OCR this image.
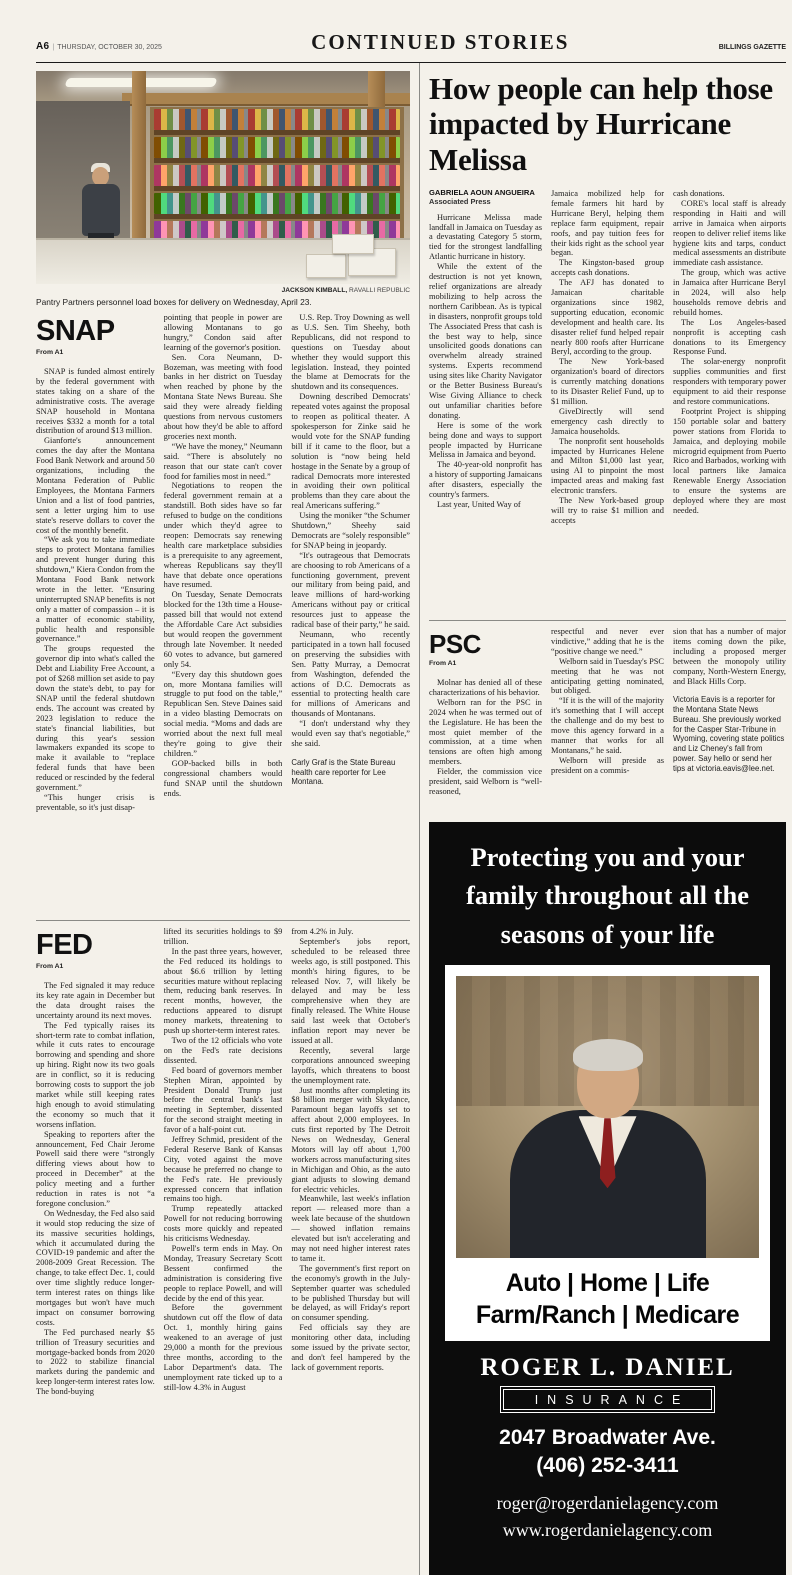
A6 | THURSDAY, OCTOBER 30, 2025	CONTINUED STORIES	BILLINGS GAZETTE
JACKSON KIMBALL, RAVALLI REPUBLIC
Pantry Partners personnel load boxes for delivery on Wednesday, April 23.
SNAP
From A1

SNAP is funded almost entirely by the federal government with states taking on a share of the administrative costs. The average SNAP household in Montana receives $332 a month for a total distribution of around $13 million.

Gianforte's announcement comes the day after the Montana Food Bank Network and around 50 organizations, including the Montana Federation of Public Employees, the Montana Farmers Union and a list of food pantries, sent a letter urging him to use state's reserve dollars to cover the cost of the monthly benefit.

“We ask you to take immediate steps to protect Montana families and prevent hunger during this shutdown,” Kiera Condon from the Montana Food Bank network wrote in the letter. “Ensuring uninterrupted SNAP benefits is not only a matter of compassion – it is a matter of economic stability, public health and responsible governance.”

The groups requested the governor dip into what's called the Debt and Liability Free Account, a pot of $268 million set aside to pay down the state's debt, to pay for SNAP until the federal shutdown ends. The account was created by 2023 legislation to reduce the state's financial liabilities, but during this year's session lawmakers expanded its scope to make it available to “replace federal funds that have been reduced or rescinded by the federal government.”

“This hunger crisis is preventable, so it's just disap-

pointing that people in power are allowing Montanans to go hungry,” Condon said after learning of the governor's position.

Sen. Cora Neumann, D-Bozeman, was meeting with food banks in her district on Tuesday when reached by phone by the Montana State News Bureau. She said they were already fielding questions from nervous customers about how they'd be able to afford groceries next month.

“We have the money,” Neumann said. “There is absolutely no reason that our state can't cover food for families most in need.”

Negotiations to reopen the federal government remain at a standstill. Both sides have so far refused to budge on the conditions under which they'd agree to reopen: Democrats say renewing health care marketplace subsidies is a prerequisite to any agreement, whereas Republicans say they'll have that debate once operations have resumed.

On Tuesday, Senate Democrats blocked for the 13th time a House-passed bill that would not extend the Affordable Care Act subsidies but would reopen the government through late November. It needed 60 votes to advance, but garnered only 54.

“Every day this shutdown goes on, more Montana families will struggle to put food on the table,” Republican Sen. Steve Daines said in a video blasting Democrats on social media. “Moms and dads are worried about the next full meal they're going to give their children.”

GOP-backed bills in both congressional chambers would fund SNAP until the shutdown ends.

U.S. Rep. Troy Downing as well as U.S. Sen. Tim Sheehy, both Republicans, did not respond to questions on Tuesday about whether they would support this legislation. Instead, they pointed the blame at Democrats for the shutdown and its consequences.

Downing described Democrats' repeated votes against the proposal to reopen as political theater. A spokesperson for Zinke said he would vote for the SNAP funding bill if it came to the floor, but a solution is “now being held hostage in the Senate by a group of radical Democrats more interested in avoiding their own political problems than they care about the real Americans suffering.”

Using the moniker “the Schumer Shutdown,” Sheehy said Democrats are “solely responsible” for SNAP being in jeopardy.

“It's outrageous that Democrats are choosing to rob Americans of a functioning government, prevent our military from being paid, and leave millions of hard-working Americans without pay or critical resources just to appease the radical base of their party,” he said.

Neumann, who recently participated in a town hall focused on preserving the subsidies with Sen. Patty Murray, a Democrat from Washington, defended the actions of D.C. Democrats as essential to protecting health care for millions of Americans and thousands of Montanans.

“I don't understand why they would even say that's negotiable,” she said.

Carly Graf is the State Bureau health care reporter for Lee Montana.
FED
From A1

The Fed signaled it may reduce its key rate again in December but the data drought raises the uncertainty around its next moves.

The Fed typically raises its short-term rate to combat inflation, while it cuts rates to encourage borrowing and spending and shore up hiring. Right now its two goals are in conflict, so it is reducing borrowing costs to support the job market while still keeping rates high enough to avoid stimulating the economy so much that it worsens inflation.

Speaking to reporters after the announcement, Fed Chair Jerome Powell said there were “strongly differing views about how to proceed in December” at the policy meeting and a further reduction in rates is not “a foregone conclusion.”

On Wednesday, the Fed also said it would stop reducing the size of its massive securities holdings, which it accumulated during the COVID-19 pandemic and after the 2008-2009 Great Recession. The change, to take effect Dec. 1, could over time slightly reduce longer-term interest rates on things like mortgages but won't have much impact on consumer borrowing costs.

The Fed purchased nearly $5 trillion of Treasury securities and mortgage-backed bonds from 2020 to 2022 to stabilize financial markets during the pandemic and keep longer-term interest rates low. The bond-buying

lifted its securities holdings to $9 trillion.

In the past three years, however, the Fed reduced its holdings to about $6.6 trillion by letting securities mature without replacing them, reducing bank reserves. In recent months, however, the reductions appeared to disrupt money markets, threatening to push up shorter-term interest rates.

Two of the 12 officials who vote on the Fed's rate decisions dissented.

Fed board of governors member Stephen Miran, appointed by President Donald Trump just before the central bank's last meeting in September, dissented for the second straight meeting in favor of a half-point cut.

Jeffrey Schmid, president of the Federal Reserve Bank of Kansas City, voted against the move because he preferred no change to the Fed's rate. He previously expressed concern that inflation remains too high.

Trump repeatedly attacked Powell for not reducing borrowing costs more quickly and repeated his criticisms Wednesday.

Powell's term ends in May. On Monday, Treasury Secretary Scott Bessent confirmed the administration is considering five people to replace Powell, and will decide by the end of this year.

Before the government shutdown cut off the flow of data Oct. 1, monthly hiring gains weakened to an average of just 29,000 a month for the previous three months, according to the Labor Department's data. The unemployment rate ticked up to a still-low 4.3% in August

from 4.2% in July.

September's jobs report, scheduled to be released three weeks ago, is still postponed. This month's hiring figures, to be released Nov. 7, will likely be delayed and may be less comprehensive when they are finally released. The White House said last week that October's inflation report may never be issued at all.

Recently, several large corporations announced sweeping layoffs, which threatens to boost the unemployment rate.

Just months after completing its $8 billion merger with Skydance, Paramount began layoffs set to affect about 2,000 employees. In cuts first reported by The Detroit News on Wednesday, General Motors will lay off about 1,700 workers across manufacturing sites in Michigan and Ohio, as the auto giant adjusts to slowing demand for electric vehicles.

Meanwhile, last week's inflation report — released more than a week late because of the shutdown — showed inflation remains elevated but isn't accelerating and may not need higher interest rates to tame it.

The government's first report on the economy's growth in the July-September quarter was scheduled to be published Thursday but will be delayed, as will Friday's report on consumer spending.

Fed officials say they are monitoring other data, including some issued by the private sector, and don't feel hampered by the lack of government reports.

How people can help those impacted by Hurricane Melissa
GABRIELA AOUN ANGUEIRA
Associated Press

Hurricane Melissa made landfall in Jamaica on Tuesday as a devastating Category 5 storm, tied for the strongest landfalling Atlantic hurricane in history.

While the extent of the destruction is not yet known, relief organizations are already mobilizing to help across the northern Caribbean. As is typical in disasters, nonprofit groups told The Associated Press that cash is the best way to help, since unsolicited goods donations can overwhelm already strained systems. Experts recommend using sites like Charity Navigator or the Better Business Bureau's Wise Giving Alliance to check out unfamiliar charities before donating.

Here is some of the work being done and ways to support people impacted by Hurricane Melissa in Jamaica and beyond.

The 40-year-old nonprofit has a history of supporting Jamaicans after disasters, especially the country's farmers.

Last year, United Way of

Jamaica mobilized help for female farmers hit hard by Hurricane Beryl, helping them replace farm equipment, repair roofs, and pay tuition fees for their kids right as the school year began.

The Kingston-based group accepts cash donations.

The AFJ has donated to Jamaican charitable organizations since 1982, supporting education, economic development and health care. Its disaster relief fund helped repair nearly 800 roofs after Hurricane Beryl, according to the group.

The New York-based organization's board of directors is currently matching donations to its Disaster Relief Fund, up to $1 million.

GiveDirectly will send emergency cash directly to Jamaica households.

The nonprofit sent households impacted by Hurricanes Helene and Milton $1,000 last year, using AI to pinpoint the most impacted areas and making fast electronic transfers.

The New York-based group will try to raise $1 million and accepts

cash donations.

CORE's local staff is already responding in Haiti and will arrive in Jamaica when airports reopen to deliver relief items like hygiene kits and tarps, conduct medical assessments an distribute immediate cash assistance.

The group, which was active in Jamaica after Hurricane Beryl in 2024, will also help households remove debris and rebuild homes.

The Los Angeles-based nonprofit is accepting cash donations to its Emergency Response Fund.

The solar-energy nonprofit supplies communities and first responders with temporary power equipment to aid their response and restore communications.

Footprint Project is shipping 150 portable solar and battery power stations from Florida to Jamaica, and deploying mobile microgrid equipment from Puerto Rico and Barbados, working with local partners like Jamaica Renewable Energy Association to ensure the systems are deployed where they are most needed.

PSC
From A1

Molnar has denied all of these characterizations of his behavior.

Welborn ran for the PSC in 2024 when he was termed out of the Legislature. He has been the most quiet member of the commission, at a time when tensions are often high among members.

Fielder, the commission vice president, said Welborn is “well-reasoned,

respectful and never ever vindictive,” adding that he is the “positive change we need.”

Welborn said in Tuesday's PSC meeting that he was not anticipating getting nominated, but obliged.

“If it is the will of the majority it's something that I will accept the challenge and do my best to move this agency forward in a manner that works for all Montanans,” he said.

Welborn will preside as president on a commis-

sion that has a number of major items coming down the pike, including a proposed merger between the monopoly utility company, North-Western Energy, and Black Hills Corp.

Victoria Eavis is a reporter for the Montana State News Bureau. She previously worked for the Casper Star-Tribune in Wyoming, covering state politics and Liz Cheney's fall from power. Say hello or send her tips at victoria.eavis@lee.net.

Protecting you and your

family throughout all the

seasons of your life

Auto | Home | Life
Farm/Ranch | Medicare
ROGER L. DANIEL
INSURANCE
2047 Broadwater Ave.
(406) 252-3411
roger@rogerdanielagency.com
www.rogerdanielagency.com
